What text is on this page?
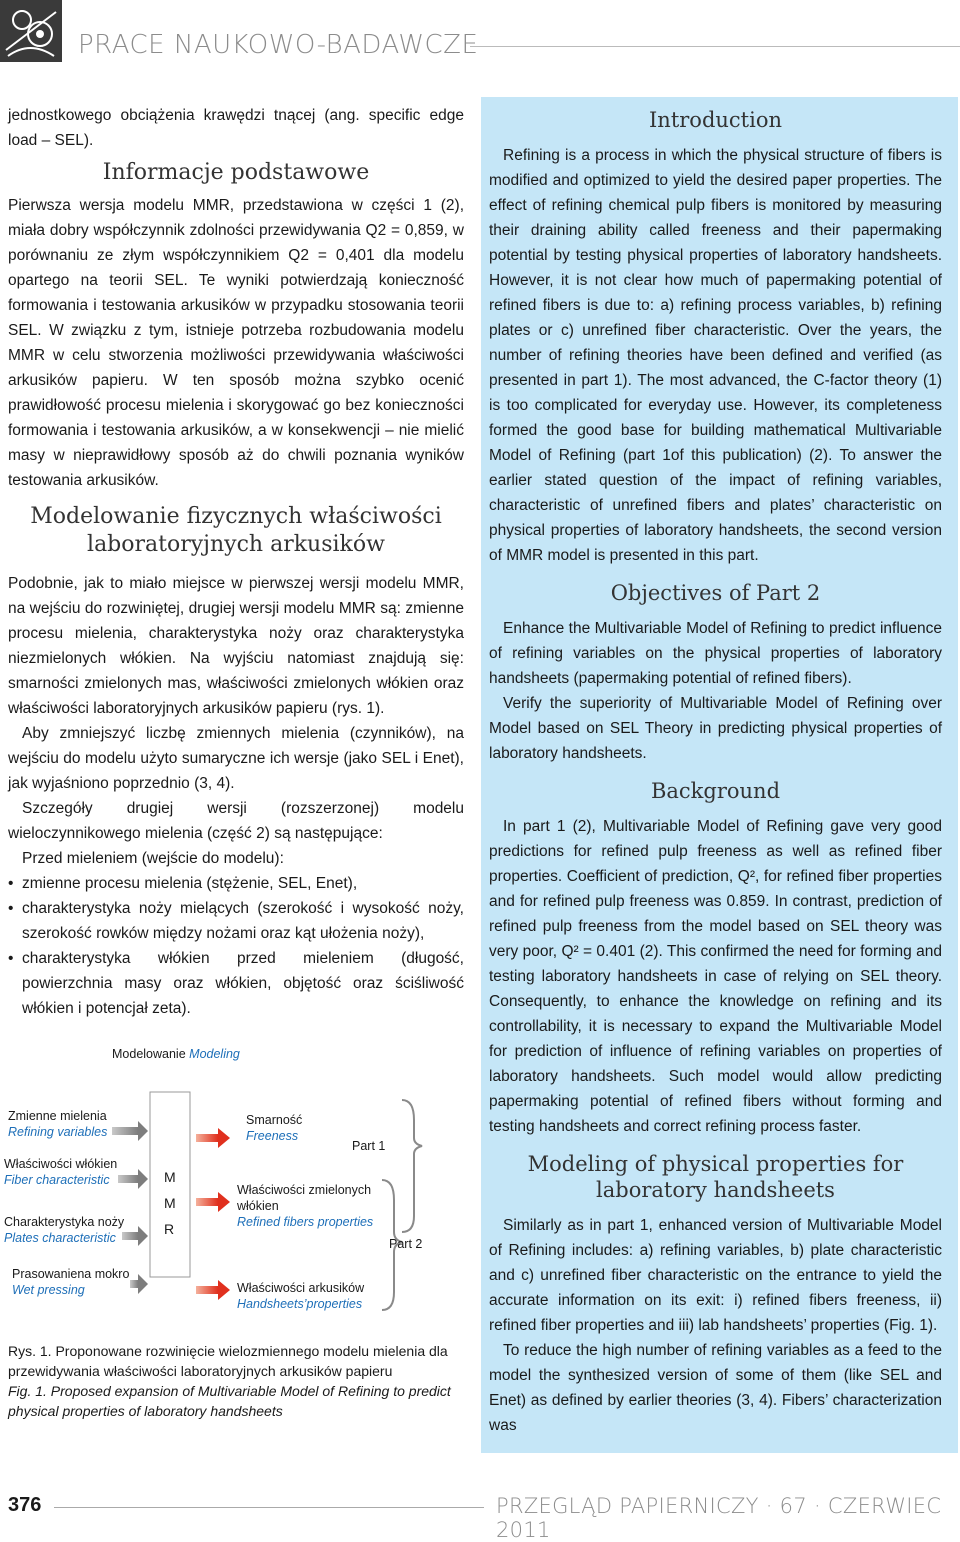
PRACE NAUKOWO-BADAWCZE

jednostkowego obciążenia krawędzi tnącej (ang. specific edge load – SEL).

Informacje podstawowe

Pierwsza wersja modelu MMR, przedstawiona w części 1 (2), miała dobry współczynnik zdolności przewidywania Q2 = 0,859, w porównaniu ze złym współczynnikiem Q2 = 0,401 dla modelu opartego na teorii SEL. Te wyniki potwierdzają konieczność formowania i testowania arkusików w przypadku stosowania teorii SEL. W związku z tym, istnieje potrzeba rozbudowania modelu MMR w celu stworzenia możliwości przewidywania właściwości arkusików papieru. W ten sposób można szybko ocenić prawidłowość procesu mielenia i skorygować go bez konieczności formowania i testowania arkusików, a w konsekwencji – nie mielić masy w nieprawidłowy sposób aż do chwili poznania wyników testowania arkusików.

Modelowanie fizycznych właściwości laboratoryjnych arkusików

Podobnie, jak to miało miejsce w pierwszej wersji modelu MMR, na wejściu do rozwiniętej, drugiej wersji modelu MMR są: zmienne procesu mielenia, charakterystyka noży oraz charakterystyka niezmielonych włókien. Na wyjściu natomiast znajdują się: smarności zmielonych mas, właściwości zmielonych włókien oraz właściwości laboratoryjnych arkusików papieru (rys. 1).

Aby zmniejszyć liczbę zmiennych mielenia (czynników), na wejściu do modelu użyto sumaryczne ich wersje (jako SEL i Enet), jak wyjaśniono poprzednio (3, 4).

Szczegóły drugiej wersji (rozszerzonej) modelu wieloczynnikowego mielenia (część 2) są następujące:

Przed mieleniem (wejście do modelu):

• zmienne procesu mielenia (stężenie, SEL, Enet),
• charakterystyka noży mielących (szerokość i wysokość noży, szerokość rowków między nożami oraz kąt ułożenia noży),
• charakterystyka włókien przed mieleniem (długość, powierzchnia masy oraz włókien, objętość oraz ściśliwość włókien i potencjał zeta).
Modelowanie Modeling
Zmienne mielenia
Refining variables
Właściwości włókien
Fiber characteristic
Charakterystyka noży
Plates characteristic
Prasowaniena mokro
Wet pressing
M
M
R
Smarność
Freeness
Właściwości zmielonych włókien
Refined fibers properties
Właściwości arkusików
Handsheets’properties
Part 1
Part 2
Rys. 1. Proponowane rozwinięcie wielozmiennego modelu mielenia dla przewidywania właściwości laboratoryjnych arkusików papieru
Fig. 1. Proposed expansion of Multivariable Model of Refining to predict physical properties of laboratory handsheets
Introduction

Refining is a process in which the physical structure of fibers is modified and optimized to yield the desired paper properties. The effect of refining chemical pulp fibers is monitored by measuring their draining ability called freeness and their papermaking potential by testing physical properties of laboratory handsheets. However, it is not clear how much of papermaking potential of refined fibers is due to: a) refining process variables, b) refining plates or c) unrefined fiber characteristic. Over the years, the number of refining theories have been defined and verified (as presented in part 1). The most advanced, the C-factor theory (1) is too complicated for everyday use. However, its completeness formed the good base for building mathematical Multivariable Model of Refining (part 1of this publication) (2). To answer the earlier stated question of the impact of refining variables, characteristic of unrefined fibers and plates’ characteristic on physical properties of laboratory handsheets, the second version of MMR model is presented in this part.

Objectives of Part 2

Enhance the Multivariable Model of Refining to predict influence of refining variables on the physical properties of laboratory handsheets (papermaking potential of refined fibers).

Verify the superiority of Multivariable Model of Refining over Model based on SEL Theory in predicting physical properties of laboratory handsheets.

Background

In part 1 (2), Multivariable Model of Refining gave very good predictions for refined pulp freeness as well as refined fiber properties. Coefficient of prediction, Q², for refined fiber properties and for refined pulp freeness was 0.859. In contrast, prediction of refined pulp freeness from the model based on SEL theory was very poor, Q² = 0.401 (2). This confirmed the need for forming and testing laboratory handsheets in case of relying on SEL theory. Consequently, to enhance the knowledge on refining and its controllability, it is necessary to expand the Multivariable Model for prediction of influence of refining variables on properties of laboratory handsheets. Such model would allow predicting papermaking potential of refined fibers without forming and testing handsheets and correct refining process faster.

Modeling of physical properties for laboratory handsheets

Similarly as in part 1, enhanced version of Multivariable Model of Refining includes: a) refining variables, b) plate characteristic and c) unrefined fiber characteristic on the entrance to yield the accurate information on its exit: i) refined fibers freeness, ii) refined fiber properties and iii) lab handsheets’ properties (Fig. 1).

To reduce the high number of refining variables as a feed to the model the synthesized version of some of them (like SEL and Enet) as defined by earlier theories (3, 4). Fibers’ characterization was

376	PRZEGLĄD PAPIERNICZY · 67 · CZERWIEC 2011
